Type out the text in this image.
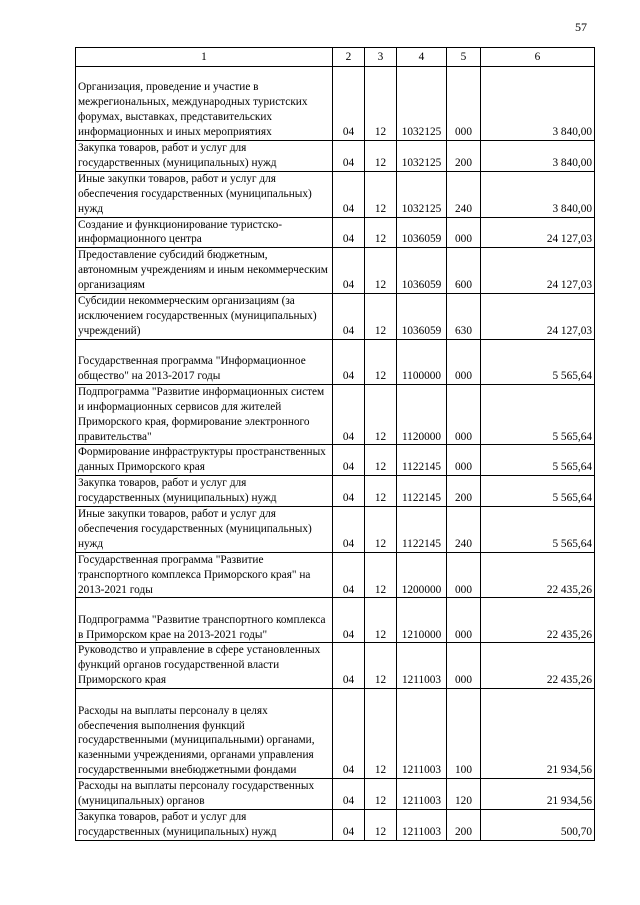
57
1	2	3	4	5	6
Организация, проведение и участие в межрегиональных, международных туристских форумах, выставках, представительских информационных и иных мероприятиях	04	12	1032125	000	3 840,00
Закупка товаров, работ и услуг для государственных (муниципальных) нужд	04	12	1032125	200	3 840,00
Иные закупки товаров, работ и услуг для обеспечения государственных (муниципальных) нужд	04	12	1032125	240	3 840,00
Создание и функционирование туристско-информационного центра	04	12	1036059	000	24 127,03
Предоставление субсидий бюджетным, автономным учреждениям и иным некоммерческим организациям	04	12	1036059	600	24 127,03
Субсидии некоммерческим организациям (за исключением государственных (муниципальных) учреждений)	04	12	1036059	630	24 127,03
Государственная программа "Информационное общество" на 2013-2017 годы	04	12	1100000	000	5 565,64
Подпрограмма "Развитие информационных систем и информационных сервисов для жителей Приморского края, формирование электронного правительства"	04	12	1120000	000	5 565,64
Формирование инфраструктуры пространственных данных Приморского края	04	12	1122145	000	5 565,64
Закупка товаров, работ и услуг для государственных (муниципальных) нужд	04	12	1122145	200	5 565,64
Иные закупки товаров, работ и услуг для обеспечения государственных (муниципальных) нужд	04	12	1122145	240	5 565,64
Государственная программа "Развитие транспортного комплекса Приморского края" на 2013-2021 годы	04	12	1200000	000	22 435,26
Подпрограмма "Развитие транспортного комплекса в Приморском крае на 2013-2021 годы"	04	12	1210000	000	22 435,26
Руководство и управление в сфере установленных функций органов государственной власти Приморского края	04	12	1211003	000	22 435,26
Расходы на выплаты персоналу в целях обеспечения выполнения функций государственными (муниципальными) органами, казенными учреждениями, органами управления государственными внебюджетными фондами	04	12	1211003	100	21 934,56
Расходы на выплаты персоналу государственных (муниципальных) органов	04	12	1211003	120	21 934,56
Закупка товаров, работ и услуг для государственных (муниципальных) нужд	04	12	1211003	200	500,70
